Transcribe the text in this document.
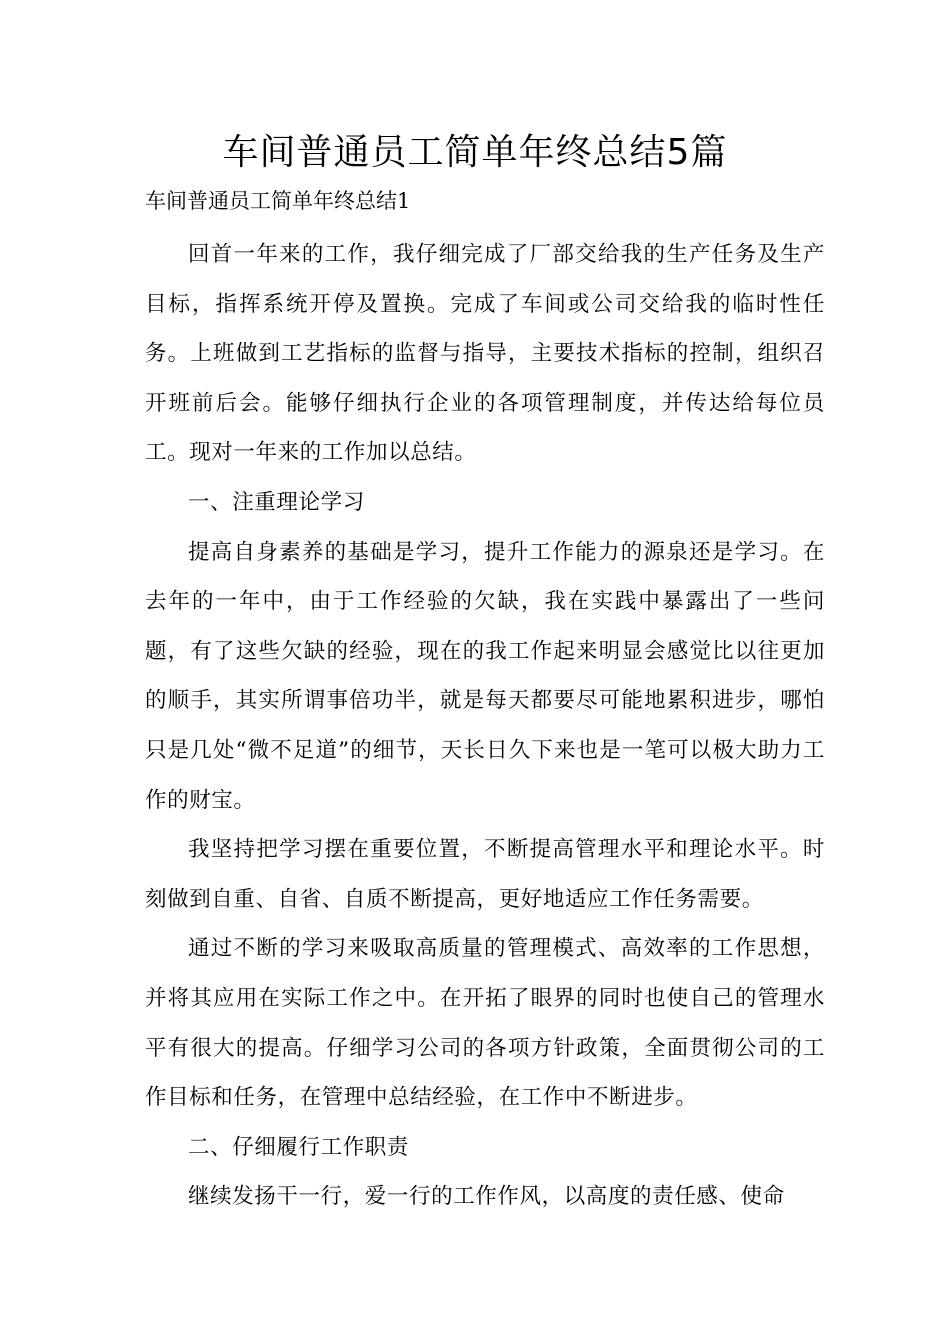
车间普通员工简单年终总结5篇

车间普通员工简单年终总结1

回首一年来的工作，我仔细完成了厂部交给我的生产任务及生产目标，指挥系统开停及置换。完成了车间或公司交给我的临时性任务。上班做到工艺指标的监督与指导，主要技术指标的控制，组织召开班前后会。能够仔细执行企业的各项管理制度，并传达给每位员工。现对一年来的工作加以总结。

一、注重理论学习

提高自身素养的基础是学习，提升工作能力的源泉还是学习。在去年的一年中，由于工作经验的欠缺，我在实践中暴露出了一些问题，有了这些欠缺的经验，现在的我工作起来明显会感觉比以往更加的顺手，其实所谓事倍功半，就是每天都要尽可能地累积进步，哪怕只是几处“微不足道”的细节，天长日久下来也是一笔可以极大助力工作的财宝。

我坚持把学习摆在重要位置，不断提高管理水平和理论水平。时刻做到自重、自省、自质不断提高，更好地适应工作任务需要。

通过不断的学习来吸取高质量的管理模式、高效率的工作思想，并将其应用在实际工作之中。在开拓了眼界的同时也使自己的管理水平有很大的提高。仔细学习公司的各项方针政策，全面贯彻公司的工作目标和任务，在管理中总结经验，在工作中不断进步。

二、仔细履行工作职责

继续发扬干一行，爱一行的工作作风，以高度的责任感、使命
